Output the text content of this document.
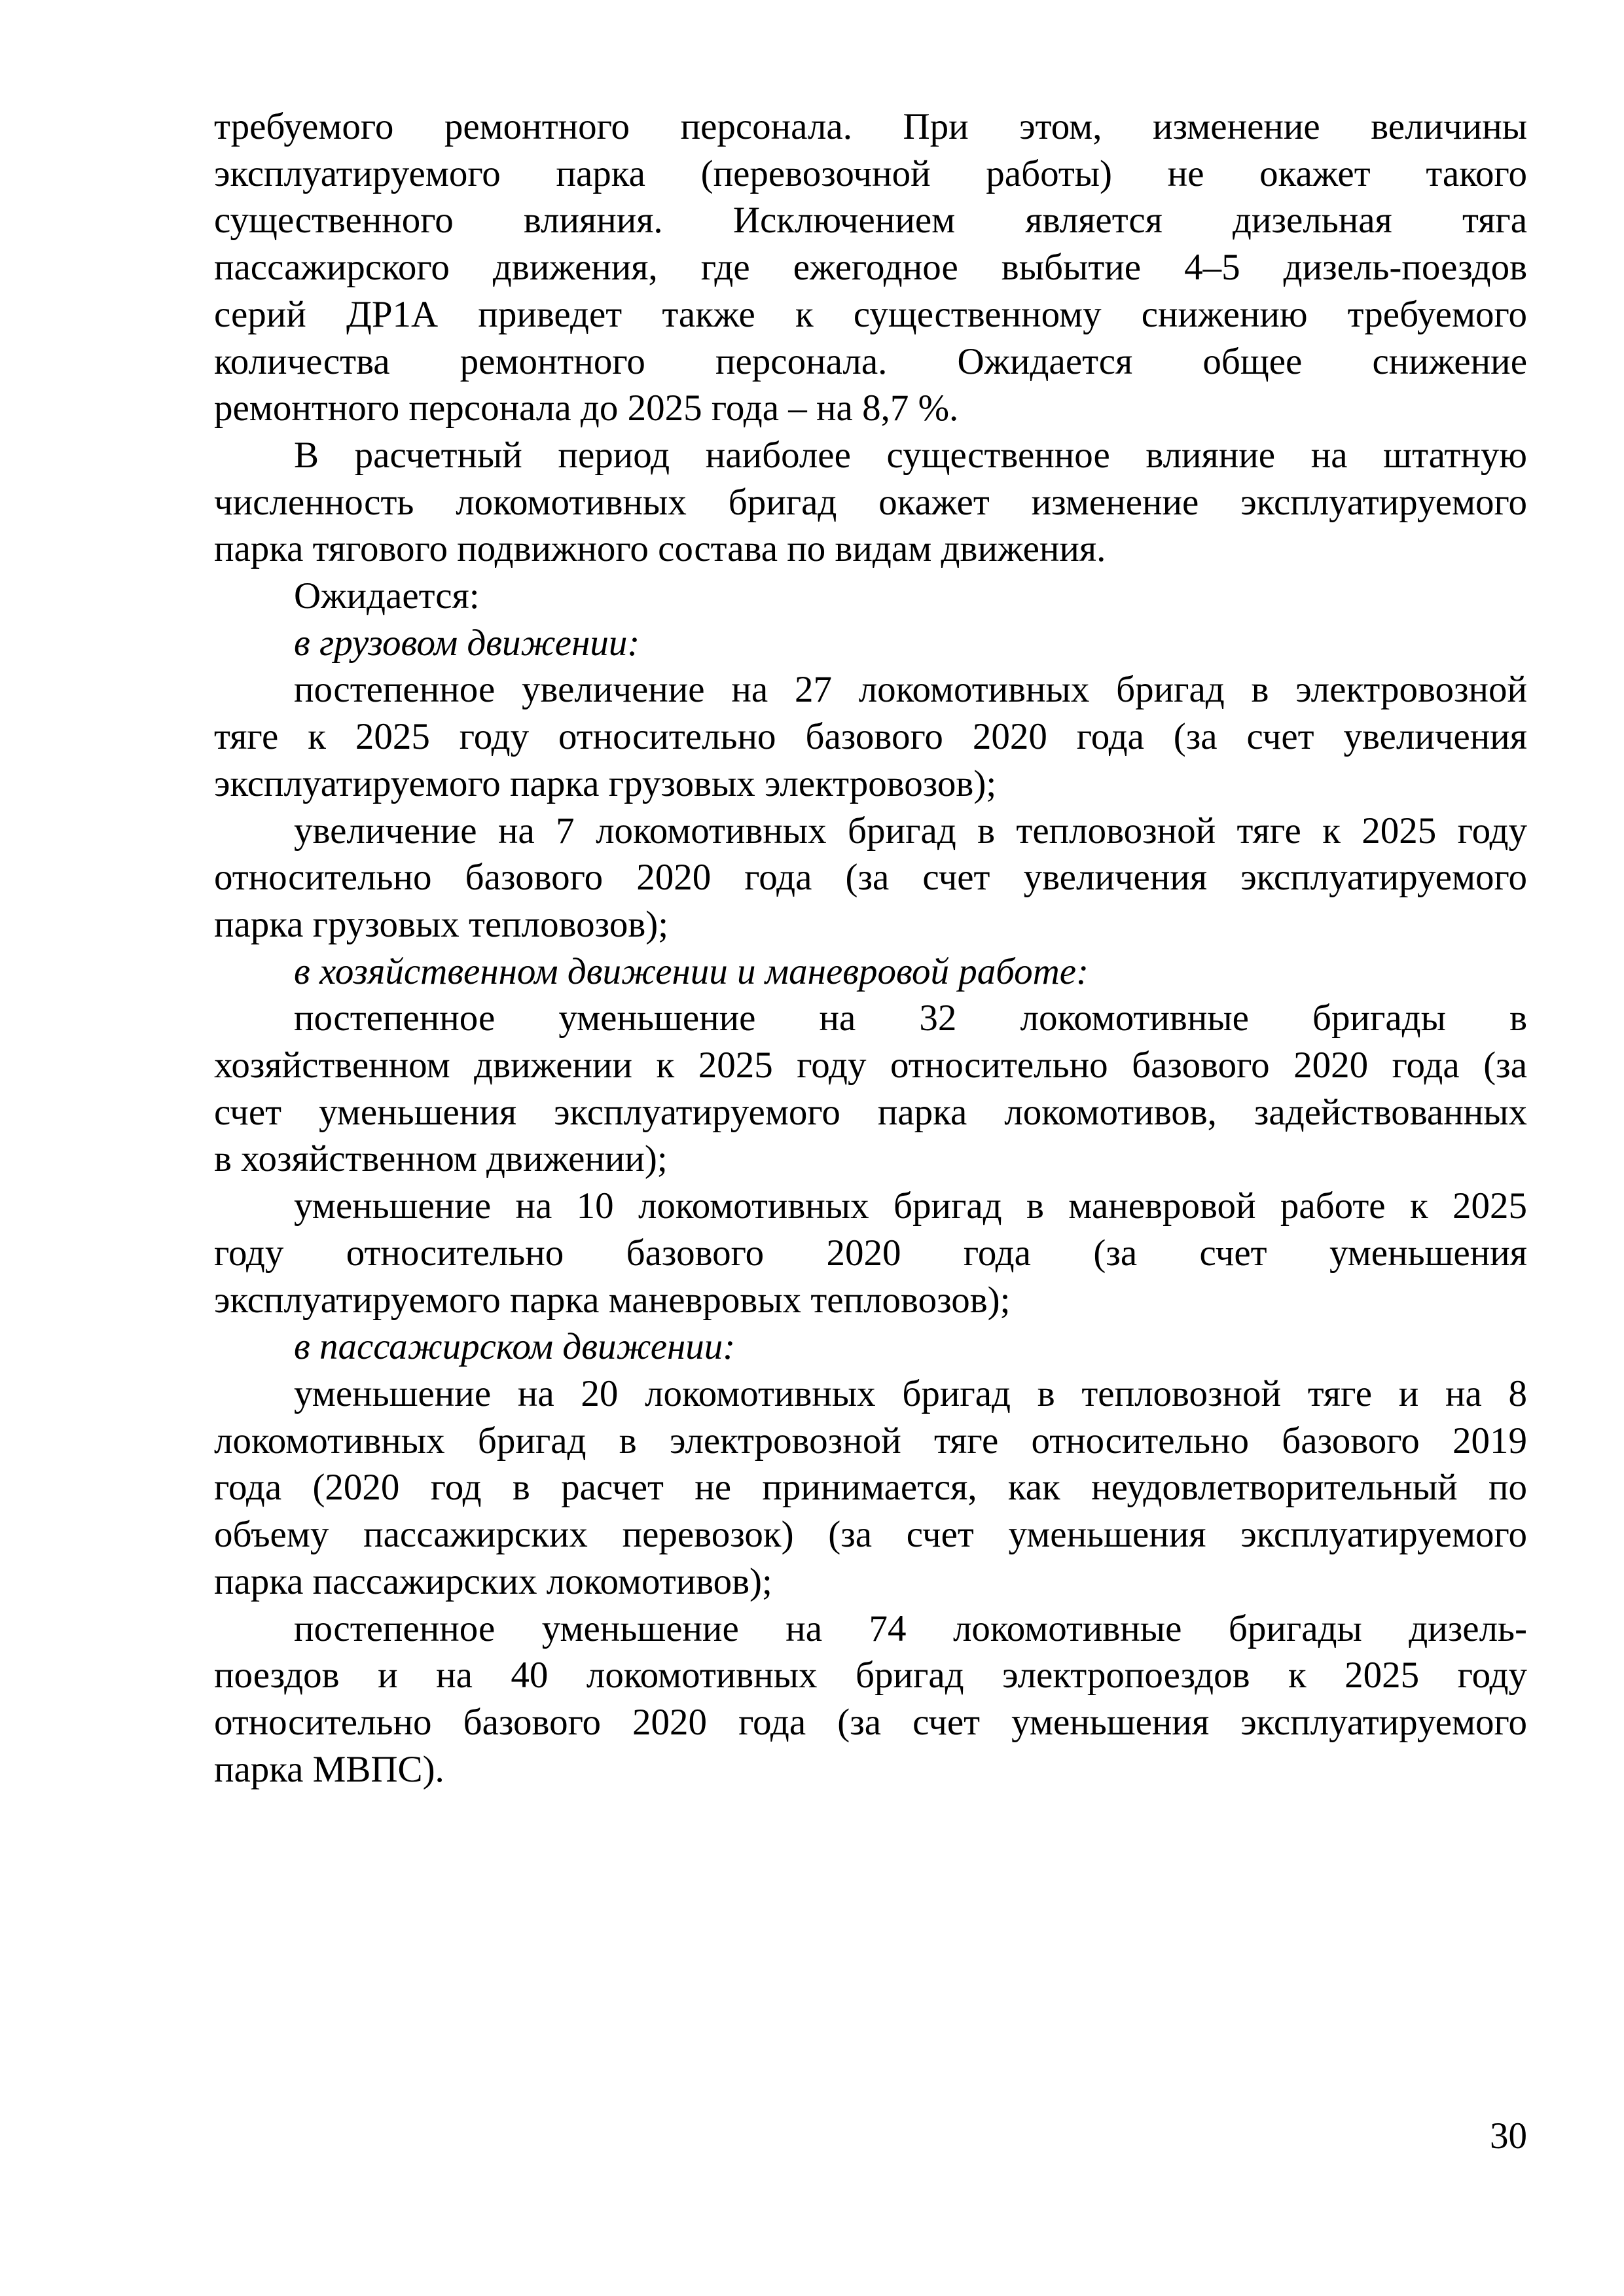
требуемого ремонтного персонала. При этом, изменение величины
эксплуатируемого парка (перевозочной работы) не окажет такого
существенного влияния. Исключением является дизельная тяга
пассажирского движения, где ежегодное выбытие 4–5 дизель-поездов
серий ДР1А приведет также к существенному снижению требуемого
количества ремонтного персонала. Ожидается общее снижение
ремонтного персонала до 2025 года – на 8,7 %.
В расчетный период наиболее существенное влияние на штатную
численность локомотивных бригад окажет изменение эксплуатируемого
парка тягового подвижного состава по видам движения.
Ожидается:
в грузовом движении:
постепенное увеличение на 27 локомотивных бригад в электровозной
тяге к 2025 году относительно базового 2020 года (за счет увеличения
эксплуатируемого парка грузовых электровозов);
увеличение на 7 локомотивных бригад в тепловозной тяге к 2025 году
относительно базового 2020 года (за счет увеличения эксплуатируемого
парка грузовых тепловозов);
в хозяйственном движении и маневровой работе:
постепенное уменьшение на 32 локомотивные бригады в
хозяйственном движении к 2025 году относительно базового 2020 года (за
счет уменьшения эксплуатируемого парка локомотивов, задействованных
в хозяйственном движении);
уменьшение на 10 локомотивных бригад в маневровой работе к 2025
году относительно базового 2020 года (за счет уменьшения
эксплуатируемого парка маневровых тепловозов);
в пассажирском движении:
уменьшение на 20 локомотивных бригад в тепловозной тяге и на 8
локомотивных бригад в электровозной тяге относительно базового 2019
года (2020 год в расчет не принимается, как неудовлетворительный по
объему пассажирских перевозок) (за счет уменьшения эксплуатируемого
парка пассажирских локомотивов);
постепенное уменьшение на 74 локомотивные бригады дизель-
поездов и на 40 локомотивных бригад электропоездов к 2025 году
относительно базового 2020 года (за счет уменьшения эксплуатируемого
парка МВПС).
30
